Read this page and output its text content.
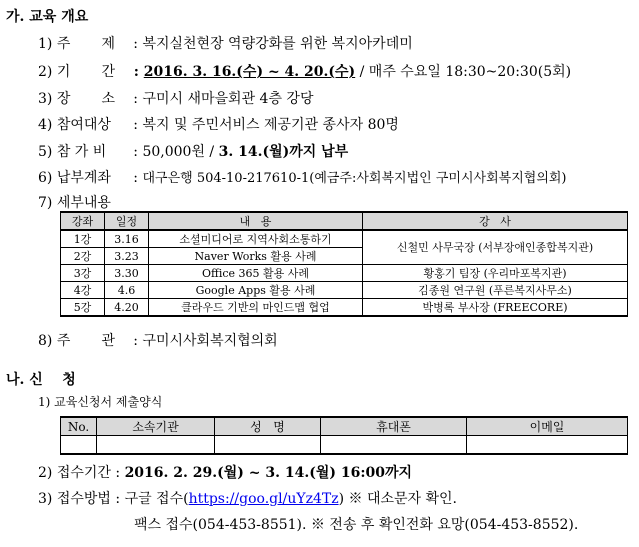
가. 교육 개요
1) 주       제 : 복지실천현장 역량강화를 위한 복지아카데미
2) 기       간 : 2016. 3. 16.(수) ~ 4. 20.(수) / 매주 수요일 18:30~20:30(5회)
3) 장       소 : 구미시 새마을회관 4층 강당
4) 참여대상 : 복지 및 주민서비스 제공기관 종사자 80명
5) 참 가 비 : 50,000원 / 3. 14.(월)까지 납부
6) 납부계좌 : 대구은행 504-10-217610-1(예금주:사회복지법인 구미시사회복지협의회)
7) 세부내용
강좌	일정	내   용	강   사
1강	3.16	소셜미디어로 지역사회소통하기	신철민 사무국장 (서부장애인종합복지관)
2강	3.23	Naver Works 활용 사례	
3강	3.30	Office 365 활용 사례	황홍기 팀장 (우리마포복지관)
4강	4.6	Google Apps 활용 사례	김종원 연구원 (푸른복지사무소)
5강	4.20	클라우드 기반의 마인드맵 협업	박병록 부사장 (FREECORE)
8) 주       관 : 구미시사회복지협의회
나. 신    청
1) 교육신청서 제출양식
No.	소속기관	성   명	휴대폰	이메일

2) 접수기간 : 2016. 2. 29.(월) ~ 3. 14.(월) 16:00까지
3) 접수방법 : 구글 접수(https://goo.gl/uYz4Tz) ※ 대소문자 확인.
팩스 접수(054-453-8551). ※ 전송 후 확인전화 요망(054-453-8552).
